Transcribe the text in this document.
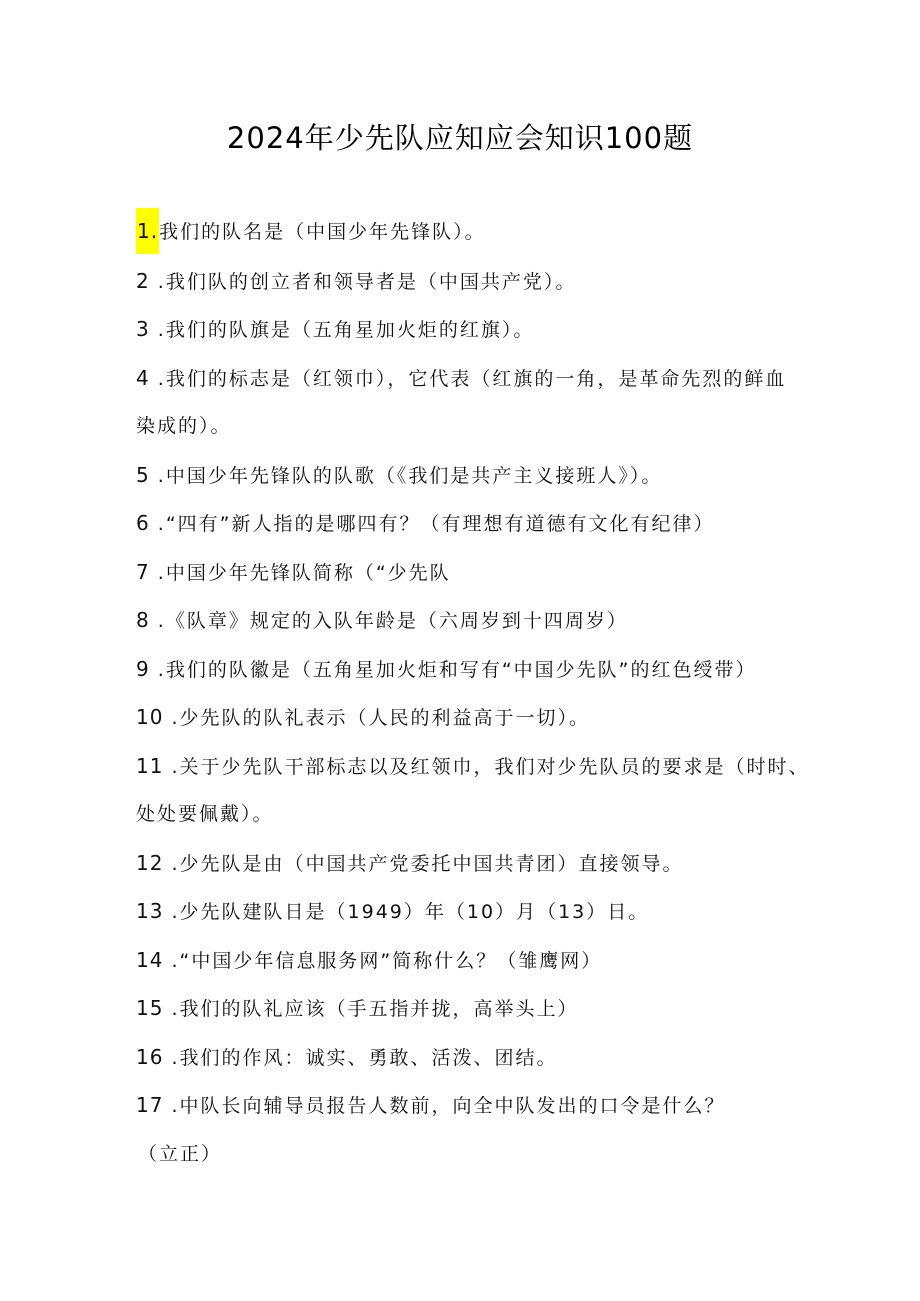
2024年少先队应知应会知识100题
1.我们的队名是（中国少年先锋队）。
2 .我们队的创立者和领导者是（中国共产党）。
3 .我们的队旗是（五角星加火炬的红旗）。
4 .我们的标志是（红领巾），它代表（红旗的一角，是革命先烈的鲜血
染成的）。
5 .中国少年先锋队的队歌（《我们是共产主义接班人》）。
6 .“四有”新人指的是哪四有？（有理想有道德有文化有纪律）
7 .中国少年先锋队简称（“少先队
8 .《队章》规定的入队年龄是（六周岁到十四周岁）
9 .我们的队徽是（五角星加火炬和写有“中国少先队”的红色绶带）
10 .少先队的队礼表示（人民的利益高于一切）。
11 .关于少先队干部标志以及红领巾，我们对少先队员的要求是（时时、
处处要佩戴）。
12 .少先队是由（中国共产党委托中国共青团）直接领导。
13 .少先队建队日是（1949）年（10）月（13）日。
14 .“中国少年信息服务网”简称什么？（雏鹰网）
15 .我们的队礼应该（手五指并拢，高举头上）
16 .我们的作风：诚实、勇敢、活泼、团结。
17 .中队长向辅导员报告人数前，向全中队发出的口令是什么？
（立正）
